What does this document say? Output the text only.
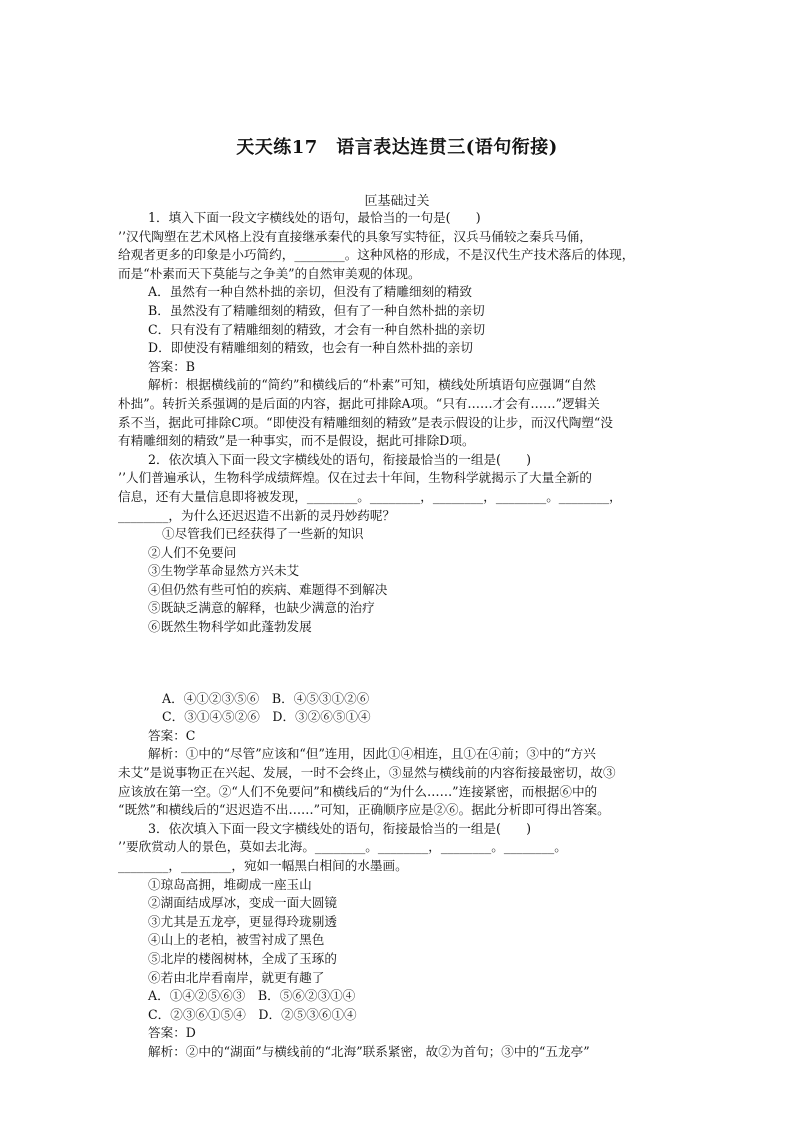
天天练17　语言表达连贯三(语句衔接)
叵基础过关
1．填入下面一段文字横线处的语句，最恰当的一句是(　　)
’’汉代陶塑在艺术风格上没有直接继承秦代的具象写实特征，汉兵马俑较之秦兵马俑，
给观者更多的印象是小巧简约，________。这种风格的形成，不是汉代生产技术落后的体现，
而是“朴素而天下莫能与之争美”的自然审美观的体现。
A．虽然有一种自然朴拙的亲切，但没有了精雕细刻的精致
B．虽然没有了精雕细刻的精致，但有了一种自然朴拙的亲切
C．只有没有了精雕细刻的精致，才会有一种自然朴拙的亲切
D．即使没有精雕细刻的精致，也会有一种自然朴拙的亲切
答案：B
解析：根据横线前的“简约”和横线后的“朴素”可知，横线处所填语句应强调“自然
朴拙”。转折关系强调的是后面的内容，据此可排除A项。“只有……才会有……”逻辑关
系不当，据此可排除C项。“即使没有精雕细刻的精致”是表示假设的让步，而汉代陶塑“没
有精雕细刻的精致”是一种事实，而不是假设，据此可排除D项。
2．依次填入下面一段文字横线处的语句，衔接最恰当的一组是(　　)
’’人们普遍承认，生物科学成绩辉煌。仅在过去十年间，生物科学就揭示了大量全新的
信息，还有大量信息即将被发现，________。________，________，________。________，
________，为什么还迟迟造不出新的灵丹妙药呢？
①尽管我们已经获得了一些新的知识
②人们不免要问
③生物学革命显然方兴未艾
④但仍然有些可怕的疾病、难题得不到解决
⑤既缺乏满意的解释，也缺少满意的治疗
⑥既然生物科学如此蓬勃发展
A．④①②③⑤⑥　B．④⑤③①②⑥
C．③①④⑤②⑥　D．③②⑥⑤①④
答案：C
解析：①中的“尽管”应该和“但”连用，因此①④相连，且①在④前；③中的“方兴
未艾”是说事物正在兴起、发展，一时不会终止，③显然与横线前的内容衔接最密切，故③
应该放在第一空。②“人们不免要问”和横线后的“为什么……”连接紧密，而根据⑥中的
“既然”和横线后的“迟迟造不出……”可知，正确顺序应是②⑥。据此分析即可得出答案。
3．依次填入下面一段文字横线处的语句，衔接最恰当的一组是(　　)
’’要欣赏动人的景色，莫如去北海。________。________，________。________。
________，________，宛如一幅黑白相间的水墨画。
①琼岛高拥，堆砌成一座玉山
②湖面结成厚冰，变成一面大圆镜
③尤其是五龙亭，更显得玲珑剔透
④山上的老柏，被雪衬成了黑色
⑤北岸的楼阁树林，全成了玉琢的
⑥若由北岸看南岸，就更有趣了
A．①④②⑤⑥③　B．⑤⑥②③①④
C．②③⑥①⑤④　D．②⑤③⑥①④
答案：D
解析：②中的“湖面”与横线前的“北海”联系紧密，故②为首句；③中的“五龙亭”
